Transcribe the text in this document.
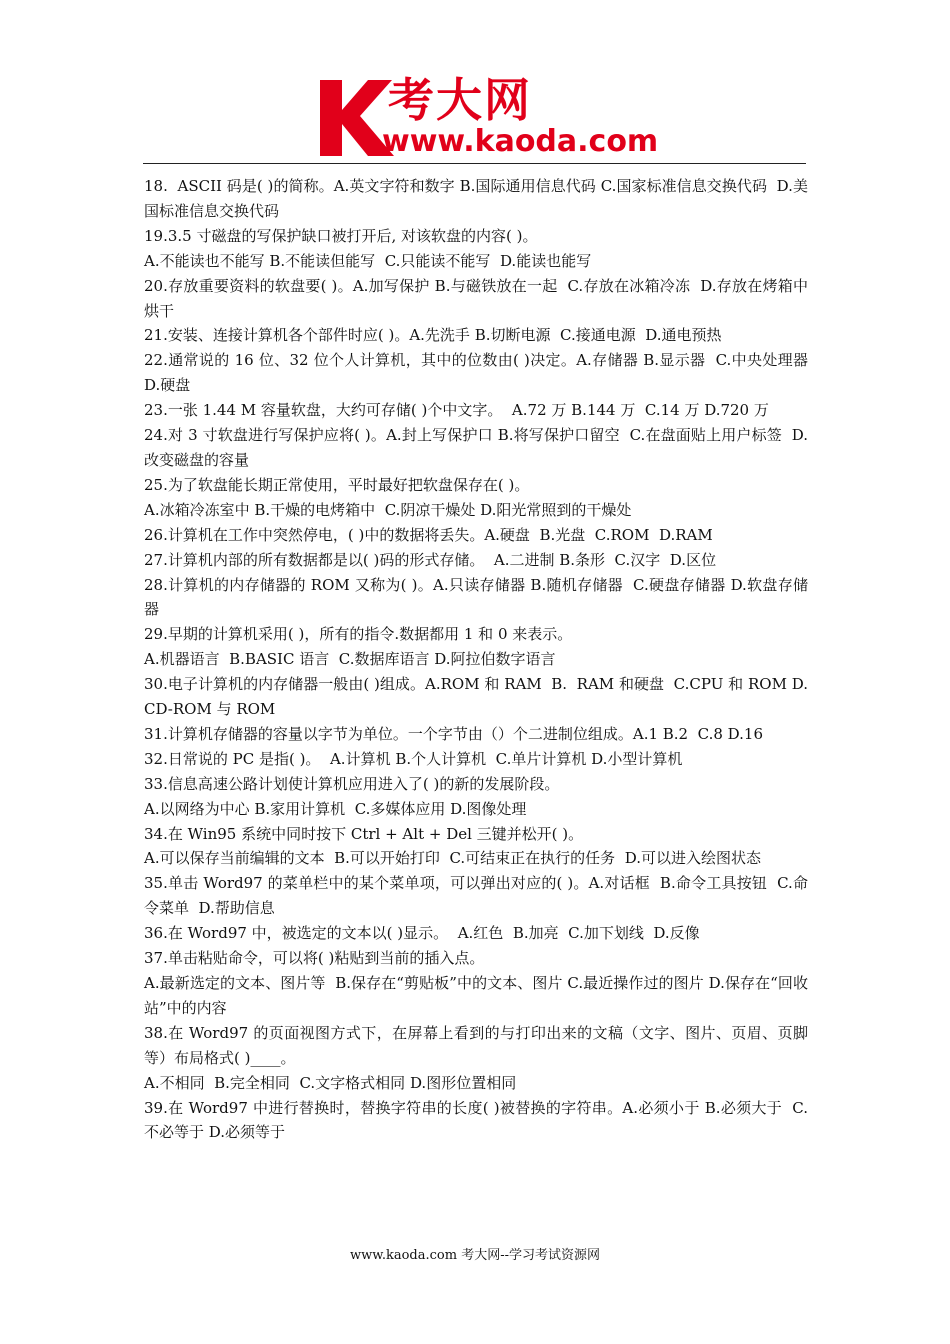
考大网
www.kaoda.com

18.  ASCII 码是( )的简称。A.英文字符和数字 B.国际通用信息代码 C.国家标准信息交换代码  D.美国标准信息交换代码

19.3.5 寸磁盘的写保护缺口被打开后, 对该软盘的内容( )。

A.不能读也不能写 B.不能读但能写  C.只能读不能写  D.能读也能写

20.存放重要资料的软盘要( )。A.加写保护 B.与磁铁放在一起  C.存放在冰箱冷冻  D.存放在烤箱中烘干

21.安装、连接计算机各个部件时应( )。A.先洗手 B.切断电源  C.接通电源  D.通电预热

22.通常说的 16 位、32 位个人计算机，其中的位数由( )决定。A.存储器 B.显示器  C.中央处理器 D.硬盘

23.一张 1.44 M 容量软盘，大约可存储( )个中文字。  A.72 万 B.144 万  C.14 万 D.720 万

24.对 3 寸软盘进行写保护应将( )。A.封上写保护口 B.将写保护口留空  C.在盘面贴上用户标签  D.改变磁盘的容量

25.为了软盘能长期正常使用，平时最好把软盘保存在( )。

A.冰箱冷冻室中 B.干燥的电烤箱中  C.阴凉干燥处 D.阳光常照到的干燥处

26.计算机在工作中突然停电，( )中的数据将丢失。A.硬盘  B.光盘  C.ROM  D.RAM

27.计算机内部的所有数据都是以( )码的形式存储。  A.二进制 B.条形  C.汉字  D.区位

28.计算机的内存储器的 ROM 又称为( )。A.只读存储器 B.随机存储器  C.硬盘存储器 D.软盘存储器

29.早期的计算机采用( )，所有的指令.数据都用 1 和 0 来表示。

A.机器语言  B.BASIC 语言  C.数据库语言 D.阿拉伯数字语言

30.电子计算机的内存储器一般由( )组成。A.ROM 和 RAM  B.  RAM 和硬盘  C.CPU 和 ROM D.CD-ROM 与 ROM

31.计算机存储器的容量以字节为单位。一个字节由（）个二进制位组成。A.1 B.2  C.8 D.16

32.日常说的 PC 是指( )。  A.计算机 B.个人计算机  C.单片计算机 D.小型计算机

33.信息高速公路计划使计算机应用进入了( )的新的发展阶段。

A.以网络为中心 B.家用计算机  C.多媒体应用 D.图像处理

34.在 Win95 系统中同时按下 Ctrl + Alt + Del 三键并松开( )。

A.可以保存当前编辑的文本  B.可以开始打印  C.可结束正在执行的任务  D.可以进入绘图状态

35.单击 Word97 的菜单栏中的某个菜单项，可以弹出对应的( )。A.对话框  B.命令工具按钮  C.命令菜单  D.帮助信息

36.在 Word97 中，被选定的文本以( )显示。  A.红色  B.加亮  C.加下划线  D.反像

37.单击粘贴命令，可以将( )粘贴到当前的插入点。

A.最新选定的文本、图片等  B.保存在“剪贴板”中的文本、图片 C.最近操作过的图片 D.保存在“回收站”中的内容

38.在 Word97 的页面视图方式下，在屏幕上看到的与打印出来的文稿（文字、图片、页眉、页脚等）布局格式( )____。

A.不相同  B.完全相同  C.文字格式相同 D.图形位置相同

39.在 Word97 中进行替换时，替换字符串的长度( )被替换的字符串。A.必须小于 B.必须大于  C.不必等于 D.必须等于

www.kaoda.com 考大网--学习考试资源网
